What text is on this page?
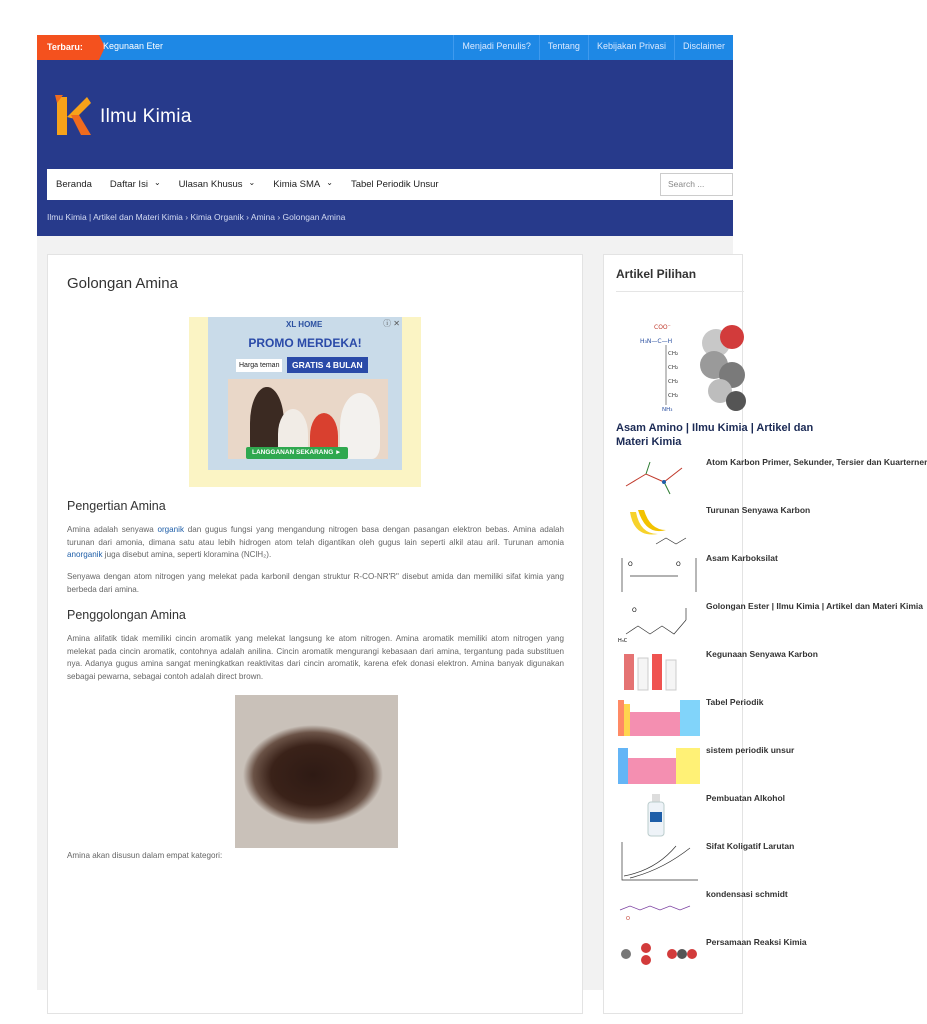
Terbaru:	Kegunaan Eter	Menjadi Penulis?	Tentang	Kebijakan Privasi	Disclaimer
Ilmu Kimia
Beranda Daftar Isi ⌄ Ulasan Khusus ⌄ Kimia SMA ⌄ Tabel Periodik Unsur	Search ...
Ilmu Kimia | Artikel dan Materi Kimia › Kimia Organik › Amina › Golongan Amina
Golongan Amina
XL HOME	ⓘ ✕
PROMO MERDEKA!
Harga teman	GRATIS 4 BULAN
LANGGANAN SEKARANG ►
Pengertian Amina

Amina adalah senyawa organik dan gugus fungsi yang mengandung nitrogen basa dengan pasangan elektron bebas. Amina adalah turunan dari amonia, dimana satu atau lebih hidrogen atom telah digantikan oleh gugus lain seperti alkil atau aril. Turunan amonia anorganik juga disebut amina, seperti kloramina (NClH₂).

Senyawa dengan atom nitrogen yang melekat pada karbonil dengan struktur R-CO-NR'R" disebut amida dan memiliki sifat kimia yang berbeda dari amina.

Penggolongan Amina

Amina alifatik tidak memiliki cincin aromatik yang melekat langsung ke atom nitrogen. Amina aromatik memiliki atom nitrogen yang melekat pada cincin aromatik, contohnya adalah anilina. Cincin aromatik mengurangi kebasaan dari amina, tergantung pada substituen nya. Adanya gugus amina sangat meningkatkan reaktivitas dari cincin aromatik, karena efek donasi elektron. Amina banyak digunakan sebagai pewarna, sebagai contoh adalah direct brown.

Amina akan disusun dalam empat kategori:

Artikel Pilihan
COO⁻
H₃N—C—H
CH₂
CH₂
CH₂
CH₂
NH₃
Asam Amino | Ilmu Kimia | Artikel dan Materi Kimia
Atom Karbon Primer, Sekunder, Tersier dan Kuarterner
Turunan Senyawa Karbon
O	O
Asam Karboksilat
O
H₃C
Golongan Ester | Ilmu Kimia | Artikel dan Materi Kimia
Kegunaan Senyawa Karbon
Tabel Periodik
sistem periodik unsur
Pembuatan Alkohol
Sifat Koligatif Larutan
O
kondensasi schmidt
Persamaan Reaksi Kimia
